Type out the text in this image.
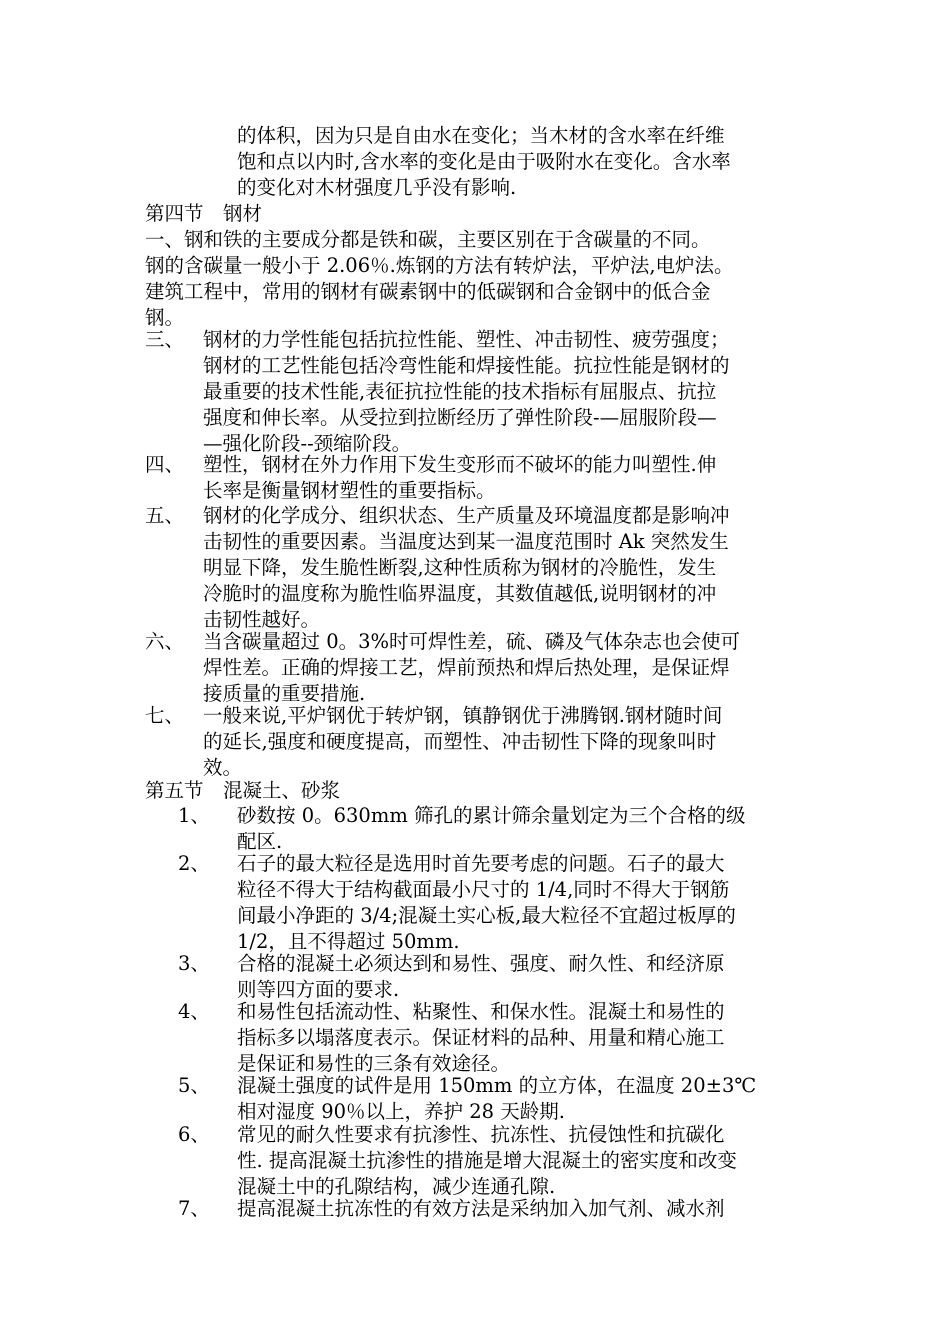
的体积，因为只是自由水在变化；当木材的含水率在纤维
饱和点以内时,含水率的变化是由于吸附水在变化。含水率
的变化对木材强度几乎没有影响.
第四节　钢材
一、钢和铁的主要成分都是铁和碳，主要区别在于含碳量的不同。
钢的含碳量一般小于 2.06％.炼钢的方法有转炉法，平炉法,电炉法。
建筑工程中，常用的钢材有碳素钢中的低碳钢和合金钢中的低合金
钢。
三、 钢材的力学性能包括抗拉性能、塑性、冲击韧性、疲劳强度；
钢材的工艺性能包括冷弯性能和焊接性能。抗拉性能是钢材的
最重要的技术性能,表征抗拉性能的技术指标有屈服点、抗拉
强度和伸长率。从受拉到拉断经历了弹性阶段-—屈服阶段—
—强化阶段--颈缩阶段。
四、 塑性，钢材在外力作用下发生变形而不破坏的能力叫塑性.伸
长率是衡量钢材塑性的重要指标。
五、 钢材的化学成分、组织状态、生产质量及环境温度都是影响冲
击韧性的重要因素。当温度达到某一温度范围时 Ak 突然发生
明显下降，发生脆性断裂,这种性质称为钢材的冷脆性，发生
冷脆时的温度称为脆性临界温度，其数值越低,说明钢材的冲
击韧性越好。
六、 当含碳量超过 0。3%时可焊性差，硫、磷及气体杂志也会使可
焊性差。正确的焊接工艺，焊前预热和焊后热处理，是保证焊
接质量的重要措施.
七、 一般来说,平炉钢优于转炉钢，镇静钢优于沸腾钢.钢材随时间
的延长,强度和硬度提高，而塑性、冲击韧性下降的现象叫时
效。
第五节　混凝土、砂浆
1、 砂数按 0。630mm 筛孔的累计筛余量划定为三个合格的级
配区.
2、 石子的最大粒径是选用时首先要考虑的问题。石子的最大
粒径不得大于结构截面最小尺寸的 1/4,同时不得大于钢筋
间最小净距的 3/4;混凝土实心板,最大粒径不宜超过板厚的
1/2，且不得超过 50mm.
3、 合格的混凝土必须达到和易性、强度、耐久性、和经济原
则等四方面的要求.
4、 和易性包括流动性、粘聚性、和保水性。混凝土和易性的
指标多以塌落度表示。保证材料的品种、用量和精心施工
是保证和易性的三条有效途径。
5、 混凝土强度的试件是用 150mm 的立方体，在温度 20±3℃
相对湿度 90％以上，养护 28 天龄期.
6、 常见的耐久性要求有抗渗性、抗冻性、抗侵蚀性和抗碳化
性. 提高混凝土抗渗性的措施是增大混凝土的密实度和改变
混凝土中的孔隙结构，减少连通孔隙.
7、 提高混凝土抗冻性的有效方法是采纳加入加气剂、减水剂
